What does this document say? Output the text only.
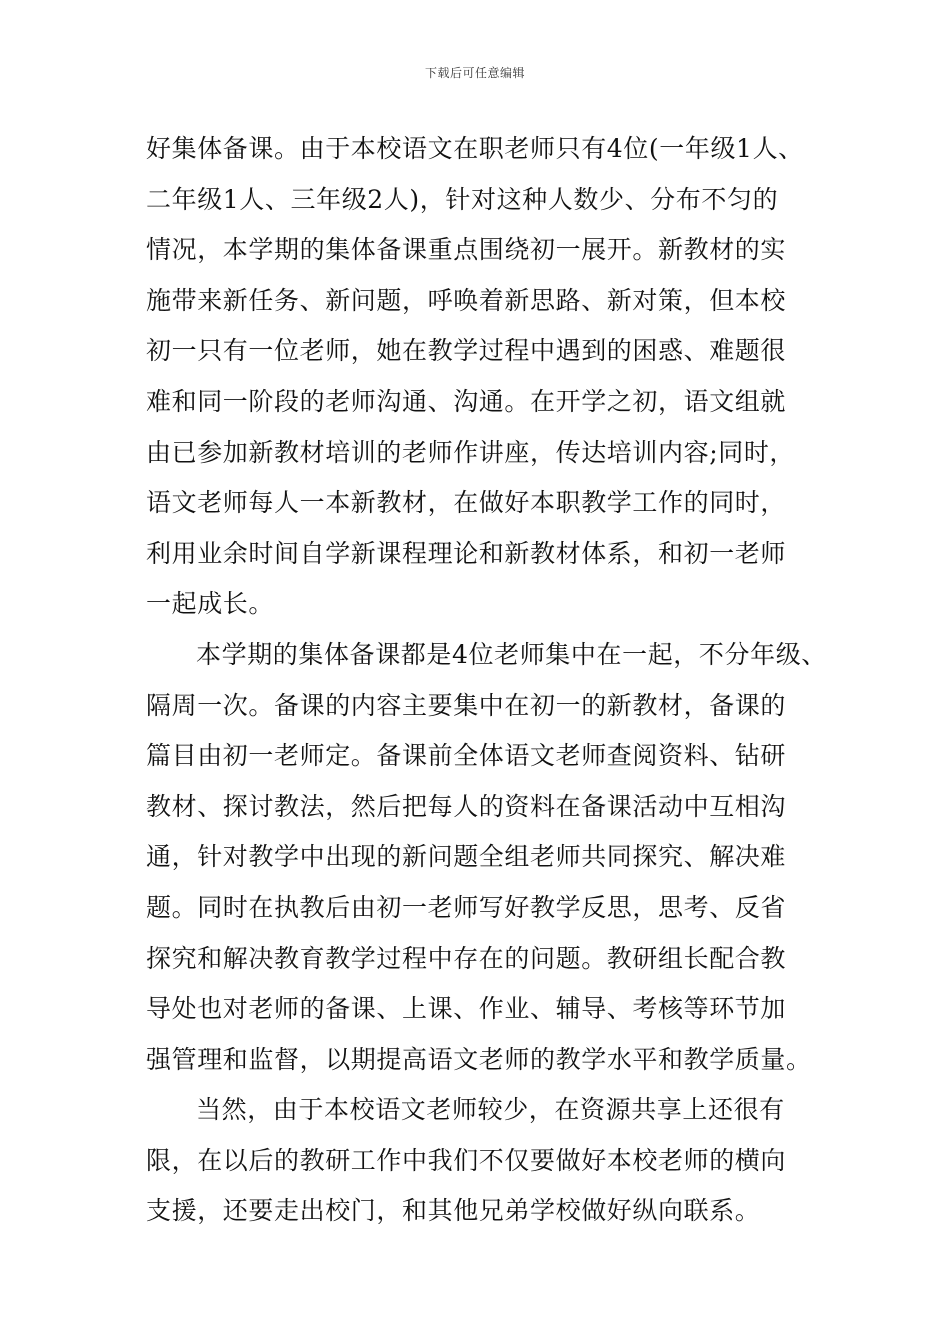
下载后可任意编辑
好集体备课。由于本校语文在职老师只有4位(一年级1人、
二年级1人、三年级2人)，针对这种人数少、分布不匀的
情况，本学期的集体备课重点围绕初一展开。新教材的实
施带来新任务、新问题，呼唤着新思路、新对策，但本校
初一只有一位老师，她在教学过程中遇到的困惑、难题很
难和同一阶段的老师沟通、沟通。在开学之初，语文组就
由已参加新教材培训的老师作讲座，传达培训内容;同时，
语文老师每人一本新教材，在做好本职教学工作的同时，
利用业余时间自学新课程理论和新教材体系，和初一老师
一起成长。
本学期的集体备课都是4位老师集中在一起，不分年级、
隔周一次。备课的内容主要集中在初一的新教材，备课的
篇目由初一老师定。备课前全体语文老师查阅资料、钻研
教材、探讨教法，然后把每人的资料在备课活动中互相沟
通，针对教学中出现的新问题全组老师共同探究、解决难
题。同时在执教后由初一老师写好教学反思，思考、反省
探究和解决教育教学过程中存在的问题。教研组长配合教
导处也对老师的备课、上课、作业、辅导、考核等环节加
强管理和监督，以期提高语文老师的教学水平和教学质量。
当然，由于本校语文老师较少，在资源共享上还很有
限，在以后的教研工作中我们不仅要做好本校老师的横向
支援，还要走出校门，和其他兄弟学校做好纵向联系。
